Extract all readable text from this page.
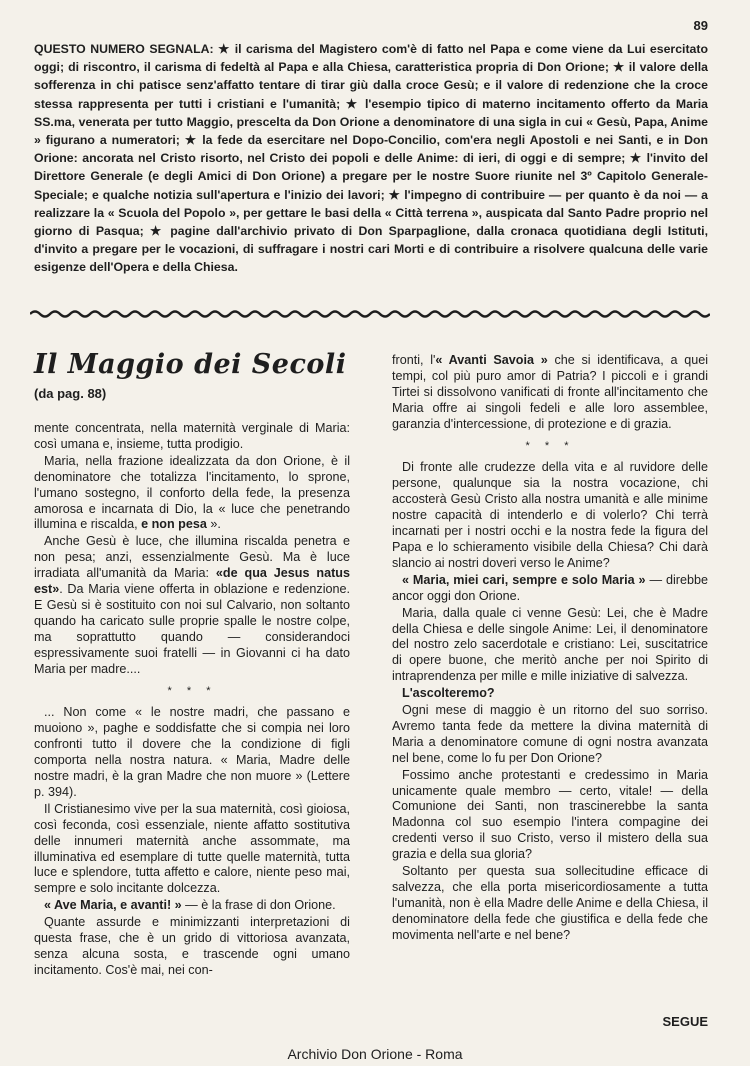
89

QUESTO NUMERO SEGNALA: ★ il carisma del Magistero com'è di fatto nel Papa e come viene da Lui esercitato oggi; di riscontro, il carisma di fedeltà al Papa e alla Chiesa, caratteristica propria di Don Orione; ★ il valore della sofferenza in chi patisce senz'affatto tentare di tirar giù dalla croce Gesù; e il valore di redenzione che la croce stessa rappresenta per tutti i cristiani e l'umanità; ★ l'esempio tipico di materno incitamento offerto da Maria SS.ma, venerata per tutto Maggio, prescelta da Don Orione a denominatore di una sigla in cui « Gesù, Papa, Anime » figurano a numeratori; ★ la fede da esercitare nel Dopo-Concilio, com'era negli Apostoli e nei Santi, e in Don Orione: ancorata nel Cristo risorto, nel Cristo dei popoli e delle Anime: di ieri, di oggi e di sempre; ★ l'invito del Direttore Generale (e degli Amici di Don Orione) a pregare per le nostre Suore riunite nel 3º Capitolo Generale-Speciale; e qualche notizia sull'apertura e l'inizio dei lavori; ★ l'impegno di contribuire — per quanto è da noi — a realizzare la « Scuola del Popolo », per gettare le basi della « Città terrena », auspicata dal Santo Padre proprio nel giorno di Pasqua; ★ pagine dall'archivio privato di Don Sparpaglione, dalla cronaca quotidiana degli Istituti, d'invito a pregare per le vocazioni, di suffragare i nostri cari Morti e di contribuire a risolvere qualcuna delle varie esigenze dell'Opera e della Chiesa.

Il Maggio dei Secoli
(da pag. 88)

mente concentrata, nella maternità verginale di Maria: così umana e, insieme, tutta prodigio.

Maria, nella frazione idealizzata da don Orione, è il denominatore che totalizza l'incitamento, lo sprone, l'umano sostegno, il conforto della fede, la presenza amorosa e incarnata di Dio, la « luce che penetrando illumina e riscalda, e non pesa ».

Anche Gesù è luce, che illumina riscalda penetra e non pesa; anzi, essenzialmente Gesù. Ma è luce irradiata all'umanità da Maria: «de qua Jesus natus est». Da Maria viene offerta in oblazione e redenzione. E Gesù si è sostituito con noi sul Calvario, non soltanto quando ha caricato sulle proprie spalle le nostre colpe, ma soprattutto quando — considerandoci espressivamente suoi fratelli — in Giovanni ci ha dato Maria per madre....

* * *

... Non come « le nostre madri, che passano e muoiono », paghe e soddisfatte che si compia nei loro confronti tutto il dovere che la condizione di figli comporta nella nostra natura. « Maria, Madre delle nostre madri, è la gran Madre che non muore » (Lettere p. 394).

Il Cristianesimo vive per la sua maternità, così gioiosa, così feconda, così essenziale, niente affatto sostitutiva delle innumeri maternità anche assommate, ma illuminativa ed esemplare di tutte quelle maternità, tutta luce e splendore, tutta affetto e calore, niente peso mai, sempre e solo incitante dolcezza.

« Ave Maria, e avanti! » — è la frase di don Orione.

Quante assurde e minimizzanti interpretazioni di questa frase, che è un grido di vittoriosa avanzata, senza alcuna sosta, e trascende ogni umano incitamento. Cos'è mai, nei con-

fronti, l'« Avanti Savoia » che si identificava, a quei tempi, col più puro amor di Patria? I piccoli e i grandi Tirtei si dissolvono vanificati di fronte all'incitamento che Maria offre ai singoli fedeli e alle loro assemblee, garanzia d'intercessione, di protezione e di grazia.

* * *

Di fronte alle crudezze della vita e al ruvidore delle persone, qualunque sia la nostra vocazione, chi accosterà Gesù Cristo alla nostra umanità e alle minime nostre capacità di intenderlo e di volerlo? Chi terrà incarnati per i nostri occhi e la nostra fede la figura del Papa e lo schieramento visibile della Chiesa? Chi darà slancio ai nostri doveri verso le Anime?

« Maria, miei cari, sempre e solo Maria » — direbbe ancor oggi don Orione.

Maria, dalla quale ci venne Gesù: Lei, che è Madre della Chiesa e delle singole Anime: Lei, il denominatore del nostro zelo sacerdotale e cristiano: Lei, suscitatrice di opere buone, che meritò anche per noi Spirito di intraprendenza per mille e mille iniziative di salvezza.

L'ascolteremo?

Ogni mese di maggio è un ritorno del suo sorriso. Avremo tanta fede da mettere la divina maternità di Maria a denominatore comune di ogni nostra avanzata nel bene, come lo fu per Don Orione?

Fossimo anche protestanti e credessimo in Maria unicamente quale membro — certo, vitale! — della Comunione dei Santi, non trascinerebbe la santa Madonna col suo esempio l'intera compagine dei credenti verso il suo Cristo, verso il mistero della sua grazia e della sua gloria?

Soltanto per questa sua sollecitudine efficace di salvezza, che ella porta misericordiosamente a tutta l'umanità, non è ella Madre delle Anime e della Chiesa, il denominatore della fede che giustifica e della fede che movimenta nell'arte e nel bene?

SEGUE
Archivio Don Orione - Roma
